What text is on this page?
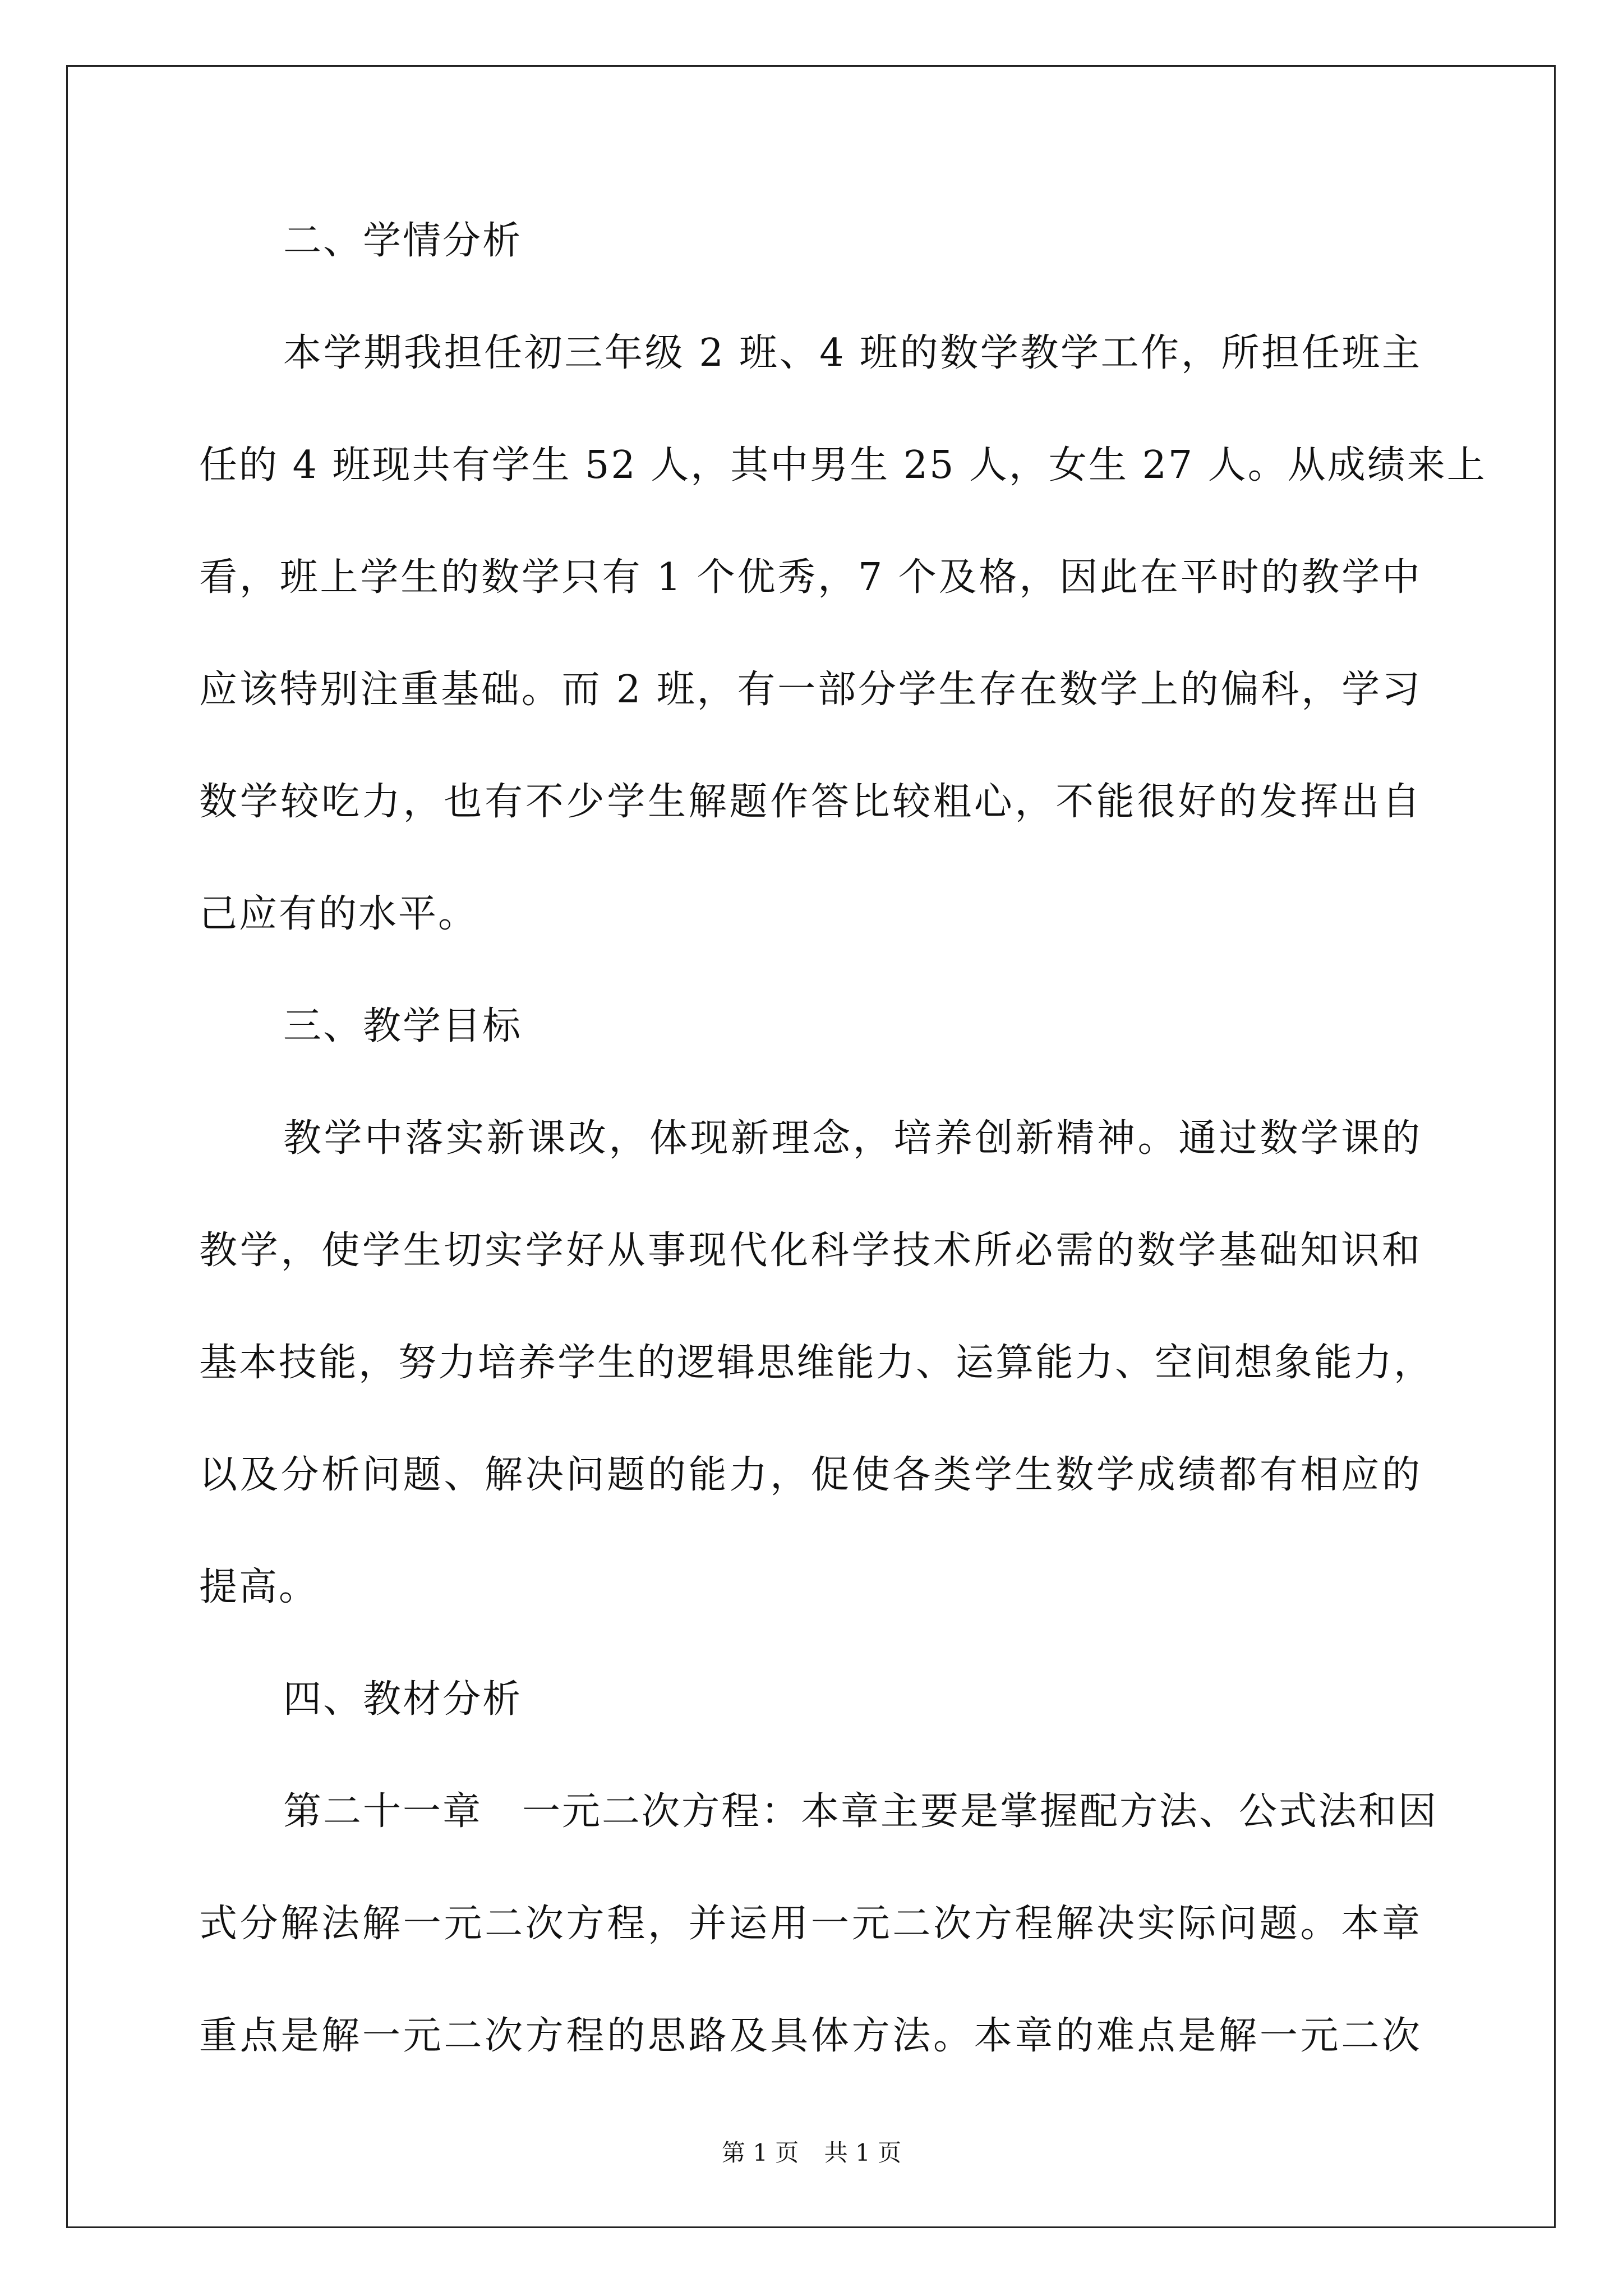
二、学情分析
本学期我担任初三年级 2 班、4 班的数学教学工作，所担任班主
任的 4 班现共有学生 52 人，其中男生 25 人，女生 27 人。从成绩来上
看，班上学生的数学只有 1 个优秀，7 个及格，因此在平时的教学中
应该特别注重基础。而 2 班，有一部分学生存在数学上的偏科，学习
数学较吃力，也有不少学生解题作答比较粗心，不能很好的发挥出自
己应有的水平。
三、教学目标
教学中落实新课改，体现新理念，培养创新精神。通过数学课的
教学，使学生切实学好从事现代化科学技术所必需的数学基础知识和
基本技能，努力培养学生的逻辑思维能力、运算能力、空间想象能力，
以及分析问题、解决问题的能力，促使各类学生数学成绩都有相应的
提高。
四、教材分析
第二十一章　一元二次方程：本章主要是掌握配方法、公式法和因
式分解法解一元二次方程，并运用一元二次方程解决实际问题。本章
重点是解一元二次方程的思路及具体方法。本章的难点是解一元二次
第 1 页 共 1 页
